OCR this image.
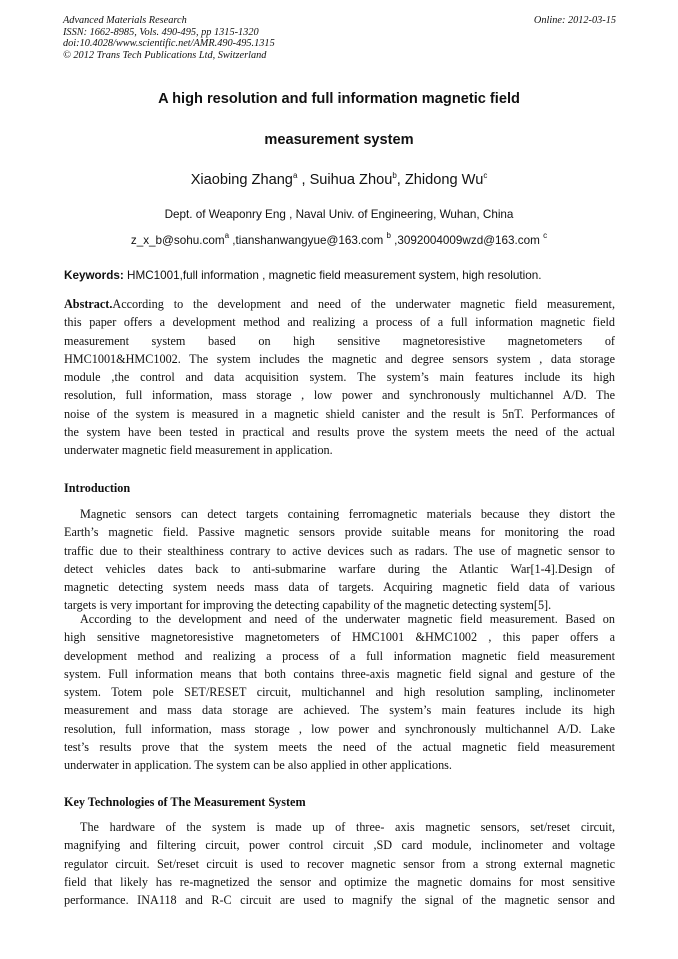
Advanced Materials Research
ISSN: 1662-8985, Vols. 490-495, pp 1315-1320
doi:10.4028/www.scientific.net/AMR.490-495.1315
© 2012 Trans Tech Publications Ltd, Switzerland
Online: 2012-03-15
A high resolution and full information magnetic field
measurement system
Xiaobing Zhang$^a$ , Suihua Zhou$^b$, Zhidong Wu$^c$
Dept. of Weaponry Eng , Naval Univ. of Engineering, Wuhan, China
z_x_b@sohu.com$^a$ ,tianshanwangyue@163.com $^b$ ,3092004009wzd@163.com $^c$
Keywords: HMC1001,full information , magnetic field measurement system, high resolution.
Abstract.According to the development and need of the underwater magnetic field measurement,
this paper offers a development method and realizing a process of a full information magnetic field
measurement system based on high sensitive magnetoresistive magnetometers of
HMC1001&HMC1002. The system includes the magnetic and degree sensors system , data storage
module ,the control and data acquisition system. The system’s main features include its high
resolution, full information, mass storage , low power and synchronously multichannel A/D. The
noise of the system is measured in a magnetic shield canister and the result is 5nT. Performances of
the system have been tested in practical and results prove the system meets the need of the actual
underwater magnetic field measurement in application.
Introduction
Magnetic sensors can detect targets containing ferromagnetic materials because they distort the
Earth’s magnetic field. Passive magnetic sensors provide suitable means for monitoring the road
traffic due to their stealthiness contrary to active devices such as radars. The use of magnetic sensor to
detect vehicles dates back to anti-submarine warfare during the Atlantic War[1-4].Design of
magnetic detecting system needs mass data of targets. Acquiring magnetic field data of various
targets is very important for improving the detecting capability of the magnetic detecting system[5].
According to the development and need of the underwater magnetic field measurement. Based on
high sensitive magnetoresistive magnetometers of HMC1001 &HMC1002 , this paper offers a
development method and realizing a process of a full information magnetic field measurement
system. Full information means that both contains three-axis magnetic field signal and gesture of the
system. Totem pole SET/RESET circuit, multichannel and high resolution sampling, inclinometer
measurement and mass data storage are achieved. The system’s main features include its high
resolution, full information, mass storage , low power and synchronously multichannel A/D. Lake
test’s results prove that the system meets the need of the actual magnetic field measurement
underwater in application. The system can be also applied in other applications.
Key Technologies of The Measurement System
The hardware of the system is made up of three- axis magnetic sensors, set/reset circuit,
magnifying and filtering circuit, power control circuit ,SD card module, inclinometer and voltage
regulator circuit. Set/reset circuit is used to recover magnetic sensor from a strong external magnetic
field that likely has re-magnetized the sensor and optimize the magnetic domains for most sensitive
performance. INA118 and R-C circuit are used to magnify the signal of the magnetic sensor and
